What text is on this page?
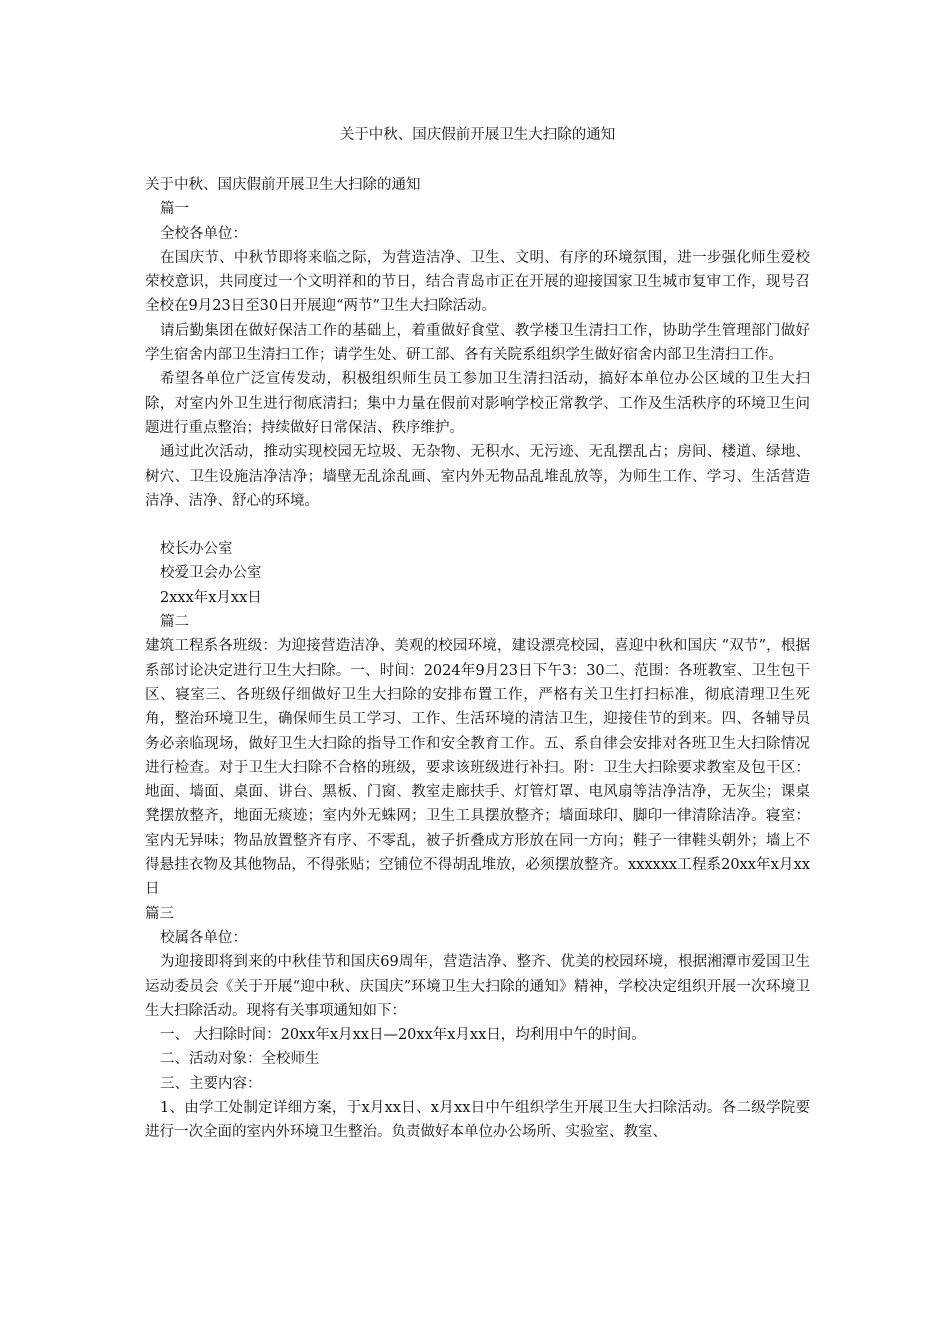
关于中秋、国庆假前开展卫生大扫除的通知

关于中秋、国庆假前开展卫生大扫除的通知

篇一

全校各单位：

在国庆节、中秋节即将来临之际，为营造洁净、卫生、文明、有序的环境氛围，进一步强化师生爱校荣校意识，共同度过一个文明祥和的节日，结合青岛市正在开展的迎接国家卫生城市复审工作，现号召全校在9月23日至30日开展迎“两节”卫生大扫除活动。

请后勤集团在做好保洁工作的基础上，着重做好食堂、教学楼卫生清扫工作，协助学生管理部门做好学生宿舍内部卫生清扫工作；请学生处、研工部、各有关院系组织学生做好宿舍内部卫生清扫工作。

希望各单位广泛宣传发动，积极组织师生员工参加卫生清扫活动，搞好本单位办公区域的卫生大扫除，对室内外卫生进行彻底清扫；集中力量在假前对影响学校正常教学、工作及生活秩序的环境卫生问题进行重点整治；持续做好日常保洁、秩序维护。

通过此次活动，推动实现校园无垃圾、无杂物、无积水、无污迹、无乱摆乱占；房间、楼道、绿地、树穴、卫生设施洁净洁净；墙壁无乱涂乱画、室内外无物品乱堆乱放等，为师生工作、学习、生活营造洁净、洁净、舒心的环境。

校长办公室

校爱卫会办公室

2xxx年x月xx日

篇二

建筑工程系各班级：为迎接营造洁净、美观的校园环境，建设漂亮校园，喜迎中秋和国庆 “双节”，根据系部讨论决定进行卫生大扫除。一、时间：2024年9月23日下午3：30二、范围：各班教室、卫生包干区、寝室三、各班级仔细做好卫生大扫除的安排布置工作，严格有关卫生打扫标准，彻底清理卫生死角，整治环境卫生，确保师生员工学习、工作、生活环境的清洁卫生，迎接佳节的到来。四、各辅导员务必亲临现场，做好卫生大扫除的指导工作和安全教育工作。五、系自律会安排对各班卫生大扫除情况进行检查。对于卫生大扫除不合格的班级，要求该班级进行补扫。附：卫生大扫除要求教室及包干区：地面、墙面、桌面、讲台、黑板、门窗、教室走廊扶手、灯管灯罩、电风扇等洁净洁净，无灰尘；课桌凳摆放整齐，地面无痰迹；室内外无蛛网；卫生工具摆放整齐；墙面球印、脚印一律清除洁净。寝室：室内无异味；物品放置整齐有序、不零乱，被子折叠成方形放在同一方向；鞋子一律鞋头朝外；墙上不得悬挂衣物及其他物品，不得张贴；空铺位不得胡乱堆放，必须摆放整齐。xxxxxx工程系20xx年x月xx日

篇三

校属各单位：

为迎接即将到来的中秋佳节和国庆69周年，营造洁净、整齐、优美的校园环境，根据湘潭市爱国卫生运动委员会《关于开展“迎中秋、庆国庆”环境卫生大扫除的通知》精神，学校决定组织开展一次环境卫生大扫除活动。现将有关事项通知如下：

一、 大扫除时间：20xx年x月xx日—20xx年x月xx日，均利用中午的时间。

二、活动对象：全校师生

三、主要内容：

1、由学工处制定详细方案，于x月xx日、x月xx日中午组织学生开展卫生大扫除活动。各二级学院要进行一次全面的室内外环境卫生整治。负责做好本单位办公场所、实验室、教室、
